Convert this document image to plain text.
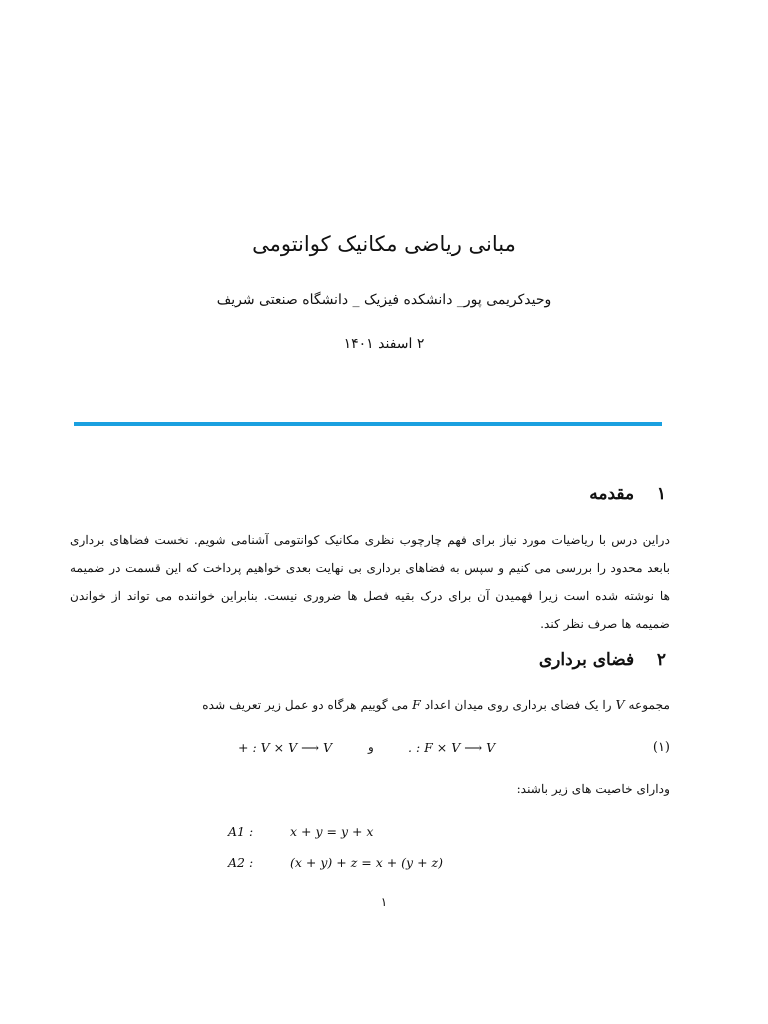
مبانی ریاضی مکانیک کوانتومی
وحیدکریمی پور_ دانشکده فیزیک _ دانشگاه صنعتی شریف
۲ اسفند ۱۴۰۱
۱ مقدمه
دراین درس با ریاضیات مورد نیاز برای فهم چارچوب نظری مکانیک کوانتومی آشنامی شویم. نخست فضاهای برداری بابعد محدود را بررسی می کنیم و سپس به فضاهای برداری بی نهایت بعدی خواهیم پرداخت که این قسمت در ضمیمه ها نوشته شده است زیرا فهمیدن آن برای درک بقیه فصل ها ضروری نیست. بنابراین خواننده می تواند از خواندن ضمیمه ها صرف نظر کند.
۲ فضای برداری
مجموعه V را یک فضای برداری روی میدان اعداد F می گوییم هرگاه دو عمل زیر تعریف شده
+ : V × V ⟶ V	و	. : F × V ⟶ V	(۱)
ودارای خاصیت های زیر باشند:
A1 :	x + y = y + x
A2 :	(x + y) + z = x + (y + z)
۱
